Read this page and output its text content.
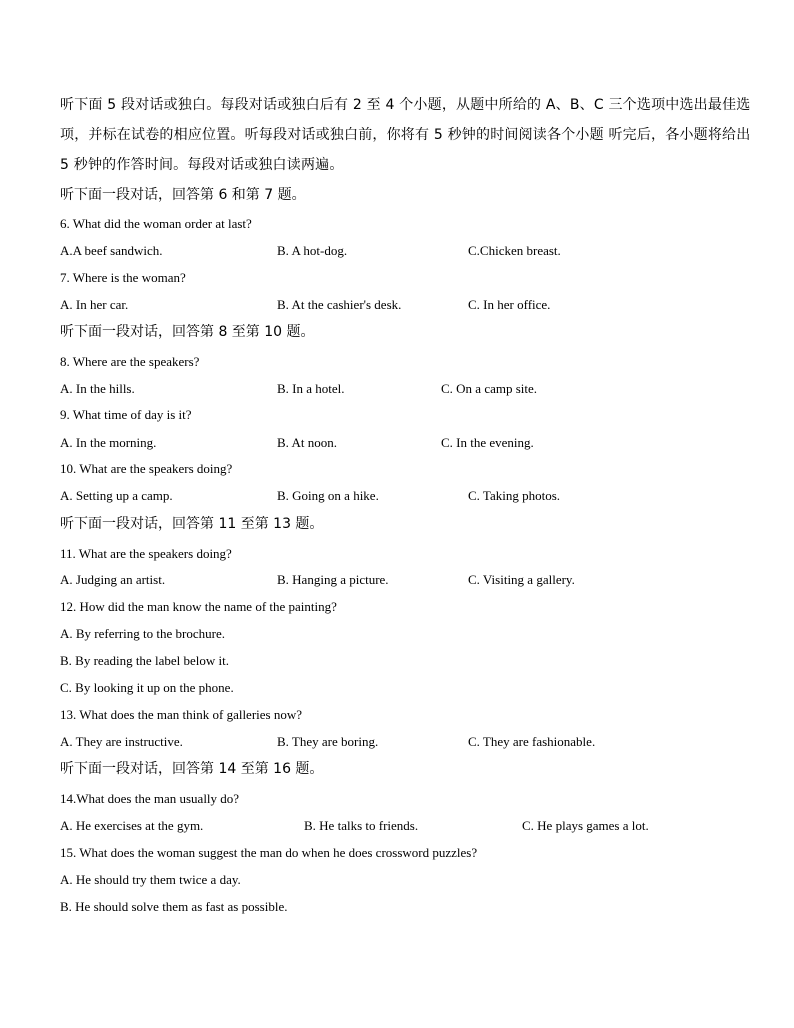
听下面 5 段对话或独白。每段对话或独白后有 2 至 4 个小题，从题中所给的 A、B、C 三个选项中选出最佳选项，并标在试卷的相应位置。听每段对话或独白前，你将有 5 秒钟的时间阅读各个小题 听完后，各小题将给出 5 秒钟的作答时间。每段对话或独白读两遍。
听下面一段对话，回答第 6 和第 7 题。
6. What did the woman order at last?
A.A beef sandwich.	B. A hot-dog.	C.Chicken breast.
7. Where is the woman?
A. In her car.	B. At the cashier's desk.	C. In her office.
听下面一段对话，回答第 8 至第 10 题。
8. Where are the speakers?
A. In the hills.	B. In a hotel.	C. On a camp site.
9. What time of day is it?
A. In the morning.	B. At noon.	C. In the evening.
10. What are the speakers doing?
A. Setting up a camp.	B. Going on a hike.	C. Taking photos.
听下面一段对话，回答第 11 至第 13 题。
11. What are the speakers doing?
A. Judging an artist.	B. Hanging a picture.	C. Visiting a gallery.
12. How did the man know the name of the painting?
A. By referring to the brochure.
B. By reading the label below it.
C. By looking it up on the phone.
13. What does the man think of galleries now?
A. They are instructive.	B. They are boring.	C. They are fashionable.
听下面一段对话，回答第 14 至第 16 题。
14.What does the man usually do?
A. He exercises at the gym.	B. He talks to friends.	C. He plays games a lot.
15. What does the woman suggest the man do when he does crossword puzzles?
A. He should try them twice a day.
B. He should solve them as fast as possible.
